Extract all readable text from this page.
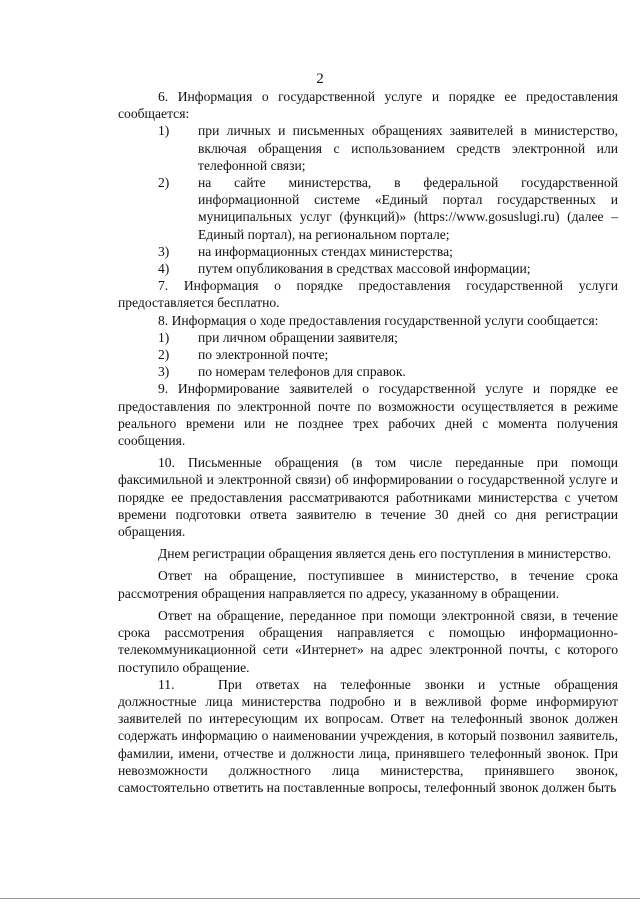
2

6. Информация о государственной услуге и порядке ее предоставления сообщается:

1)	при личных и письменных обращениях заявителей в министерство, включая обращения с использованием средств электронной или телефонной связи;
2)	на сайте министерства, в федеральной государственной информационной системе «Единый портал государственных и муниципальных услуг (функций)» (https://www.gosuslugi.ru) (далее – Единый портал), на региональном портале;
3)	на информационных стендах министерства;
4)	путем опубликования в средствах массовой информации;

7. Информация о порядке предоставления государственной услуги предоставляется бесплатно.

8. Информация о ходе предоставления государственной услуги сообщается:

1)	при личном обращении заявителя;
2)	по электронной почте;
3)	по номерам телефонов для справок.

9. Информирование заявителей о государственной услуге и порядке ее предоставления по электронной почте по возможности осуществляется в режиме реального времени или не позднее трех рабочих дней с момента получения сообщения.

10. Письменные обращения (в том числе переданные при помощи факсимильной и электронной связи) об информировании о государственной услуге и порядке ее предоставления рассматриваются работниками министерства с учетом времени подготовки ответа заявителю в течение 30 дней со дня регистрации обращения.

Днем регистрации обращения является день его поступления в министерство.

Ответ на обращение, поступившее в министерство, в течение срока рассмотрения обращения направляется по адресу, указанному в обращении.

Ответ на обращение, переданное при помощи электронной связи, в течение срока рассмотрения обращения направляется с помощью информационно-телекоммуникационной сети «Интернет» на адрес электронной почты, с которого поступило обращение.

11.	При ответах на телефонные звонки и устные обращения должностные лица министерства подробно и в вежливой форме информируют заявителей по интересующим их вопросам. Ответ на телефонный звонок должен содержать информацию о наименовании учреждения, в который позвонил заявитель, фамилии, имени, отчестве и должности лица, принявшего телефонный звонок. При невозможности должностного лица министерства, принявшего звонок, самостоятельно ответить на поставленные вопросы, телефонный звонок должен быть
